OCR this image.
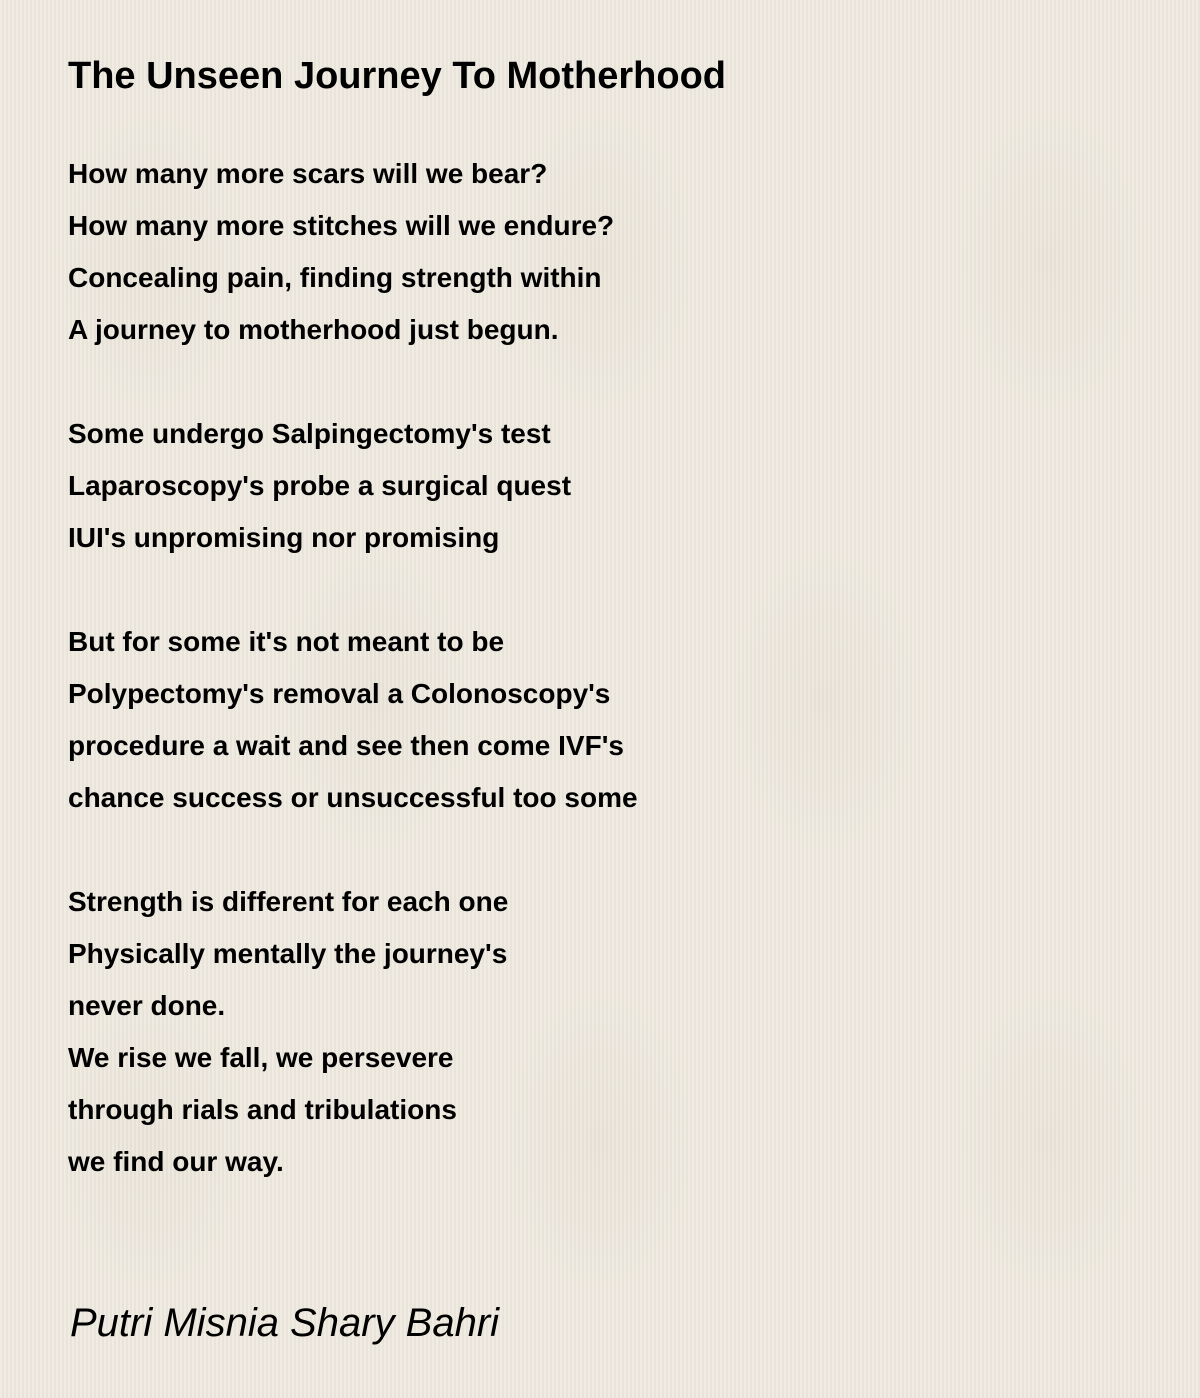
The Unseen Journey To Motherhood
How many more scars will we bear?
How many more stitches will we endure?
Concealing pain, finding strength within
A journey to motherhood just begun.
Some undergo Salpingectomy's test
Laparoscopy's probe a surgical quest
IUI's unpromising nor promising
But for some it's not meant to be
Polypectomy's removal a Colonoscopy's
procedure a wait and see then come IVF's
chance success or unsuccessful too some
Strength is different for each one
Physically mentally the journey's
never done.
We rise we fall, we persevere
through rials and tribulations
we find our way.
Putri Misnia Shary Bahri
